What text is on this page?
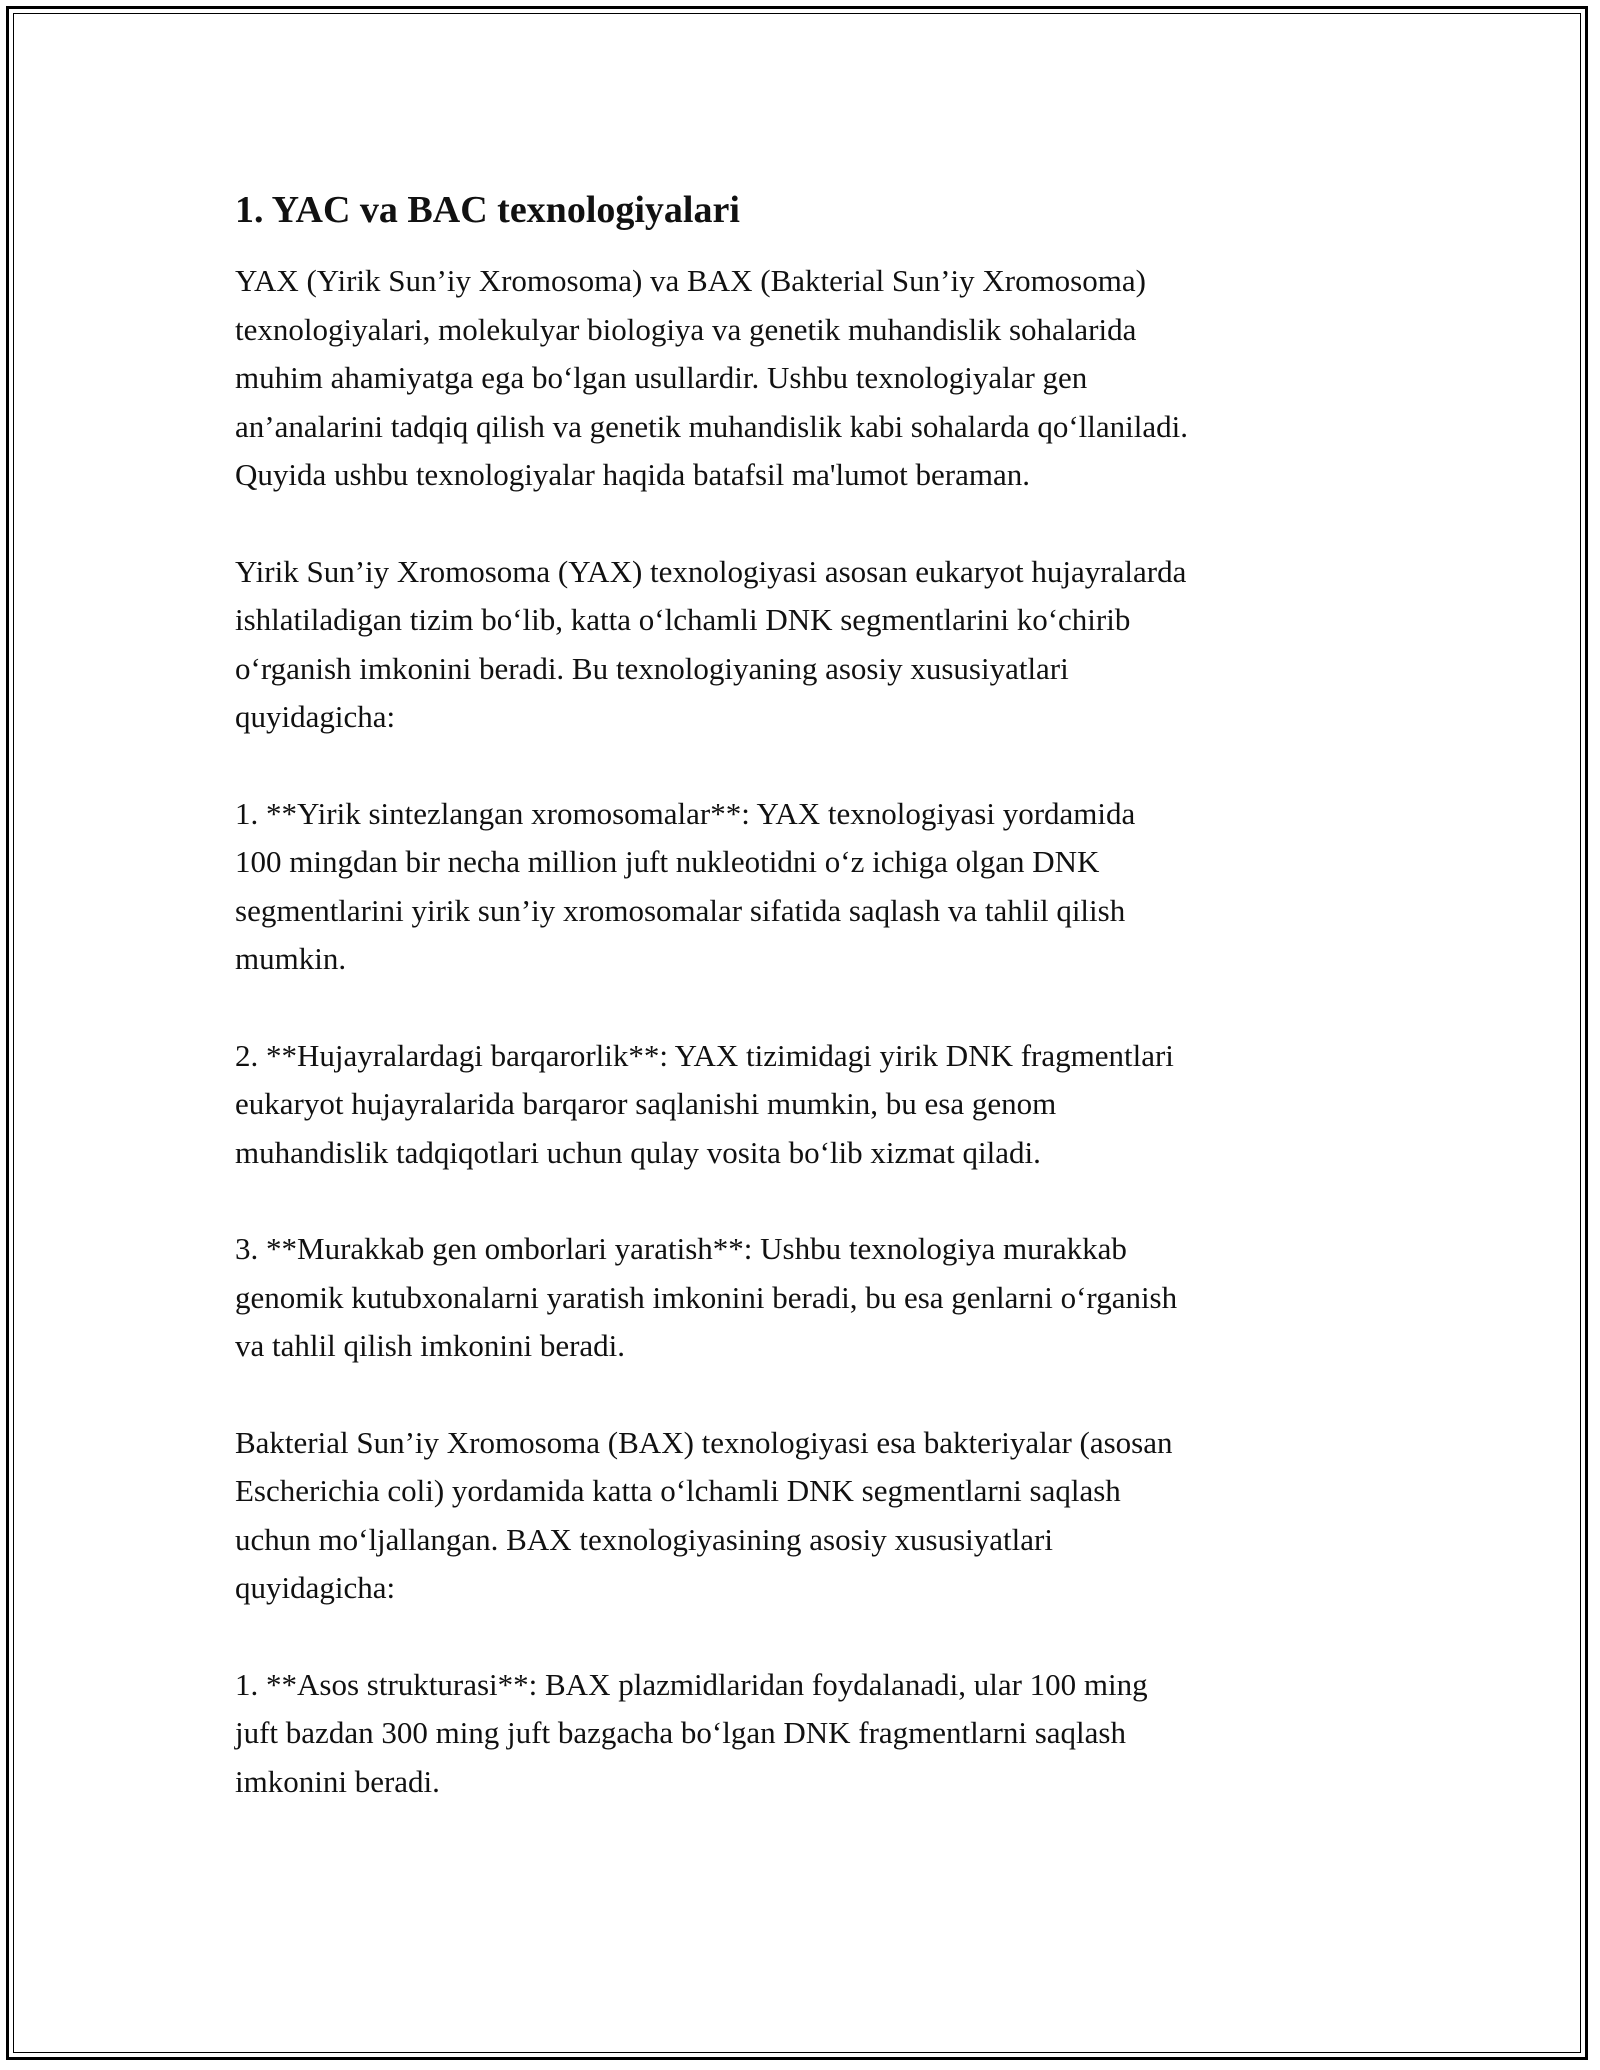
1. YAC va BAC texnologiyalari

YAX (Yirik Sun’iy Xromosoma) va BAX (Bakterial Sun’iy Xromosoma)
texnologiyalari, molekulyar biologiya va genetik muhandislik sohalarida
muhim ahamiyatga ega bo‘lgan usullardir. Ushbu texnologiyalar gen
an’analarini tadqiq qilish va genetik muhandislik kabi sohalarda qo‘llaniladi.
Quyida ushbu texnologiyalar haqida batafsil ma'lumot beraman.

Yirik Sun’iy Xromosoma (YAX) texnologiyasi asosan eukaryot hujayralarda
ishlatiladigan tizim bo‘lib, katta o‘lchamli DNK segmentlarini ko‘chirib
o‘rganish imkonini beradi. Bu texnologiyaning asosiy xususiyatlari
quyidagicha:

1. **Yirik sintezlangan xromosomalar**: YAX texnologiyasi yordamida
100 mingdan bir necha million juft nukleotidni o‘z ichiga olgan DNK
segmentlarini yirik sun’iy xromosomalar sifatida saqlash va tahlil qilish
mumkin.

2. **Hujayralardagi barqarorlik**: YAX tizimidagi yirik DNK fragmentlari
eukaryot hujayralarida barqaror saqlanishi mumkin, bu esa genom
muhandislik tadqiqotlari uchun qulay vosita bo‘lib xizmat qiladi.

3. **Murakkab gen omborlari yaratish**: Ushbu texnologiya murakkab
genomik kutubxonalarni yaratish imkonini beradi, bu esa genlarni o‘rganish
va tahlil qilish imkonini beradi.

Bakterial Sun’iy Xromosoma (BAX) texnologiyasi esa bakteriyalar (asosan
Escherichia coli) yordamida katta o‘lchamli DNK segmentlarni saqlash
uchun mo‘ljallangan. BAX texnologiyasining asosiy xususiyatlari
quyidagicha:

1. **Asos strukturasi**: BAX plazmidlaridan foydalanadi, ular 100 ming
juft bazdan 300 ming juft bazgacha bo‘lgan DNK fragmentlarni saqlash
imkonini beradi.
